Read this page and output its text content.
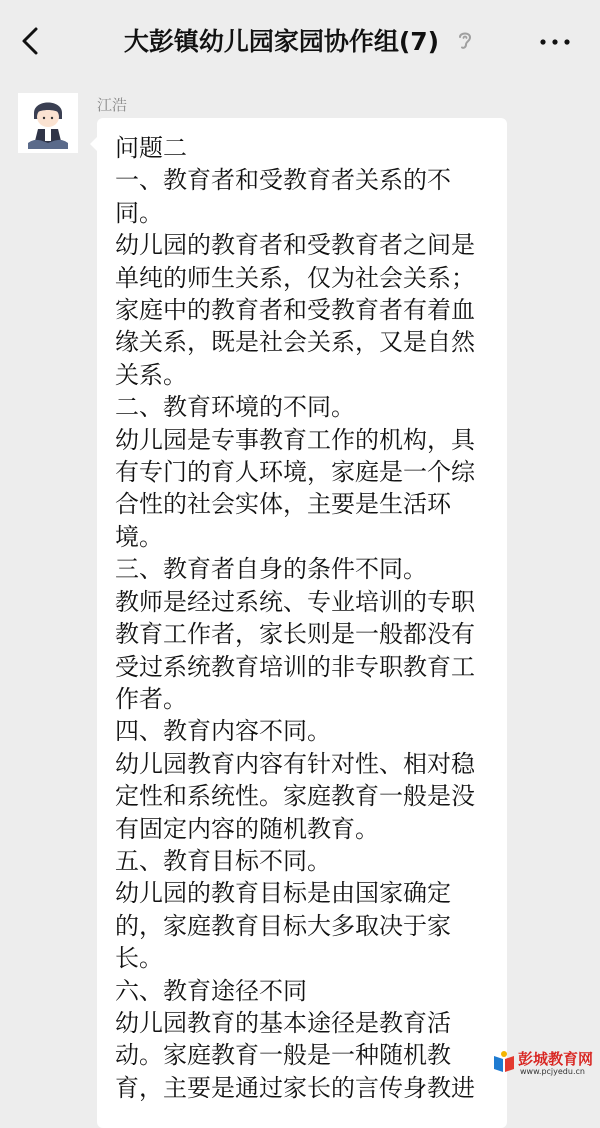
大彭镇幼儿园家园协作组(7)
江浩

问题二
一、教育者和受教育者关系的不同。
幼儿园的教育者和受教育者之间是单纯的师生关系，仅为社会关系；家庭中的教育者和受教育者有着血缘关系，既是社会关系，又是自然关系。
二、教育环境的不同。
幼儿园是专事教育工作的机构，具有专门的育人环境，家庭是一个综合性的社会实体，主要是生活环境。
三、教育者自身的条件不同。
教师是经过系统、专业培训的专职教育工作者，家长则是一般都没有受过系统教育培训的非专职教育工作者。
四、教育内容不同。
幼儿园教育内容有针对性、相对稳定性和系统性。家庭教育一般是没有固定内容的随机教育。
五、教育目标不同。
幼儿园的教育目标是由国家确定的，家庭教育目标大多取决于家长。
六、教育途径不同
幼儿园教育的基本途径是教育活动。家庭教育一般是一种随机教育，主要是通过家长的言传身教进

彭城教育网
www.pcjyedu.cn
